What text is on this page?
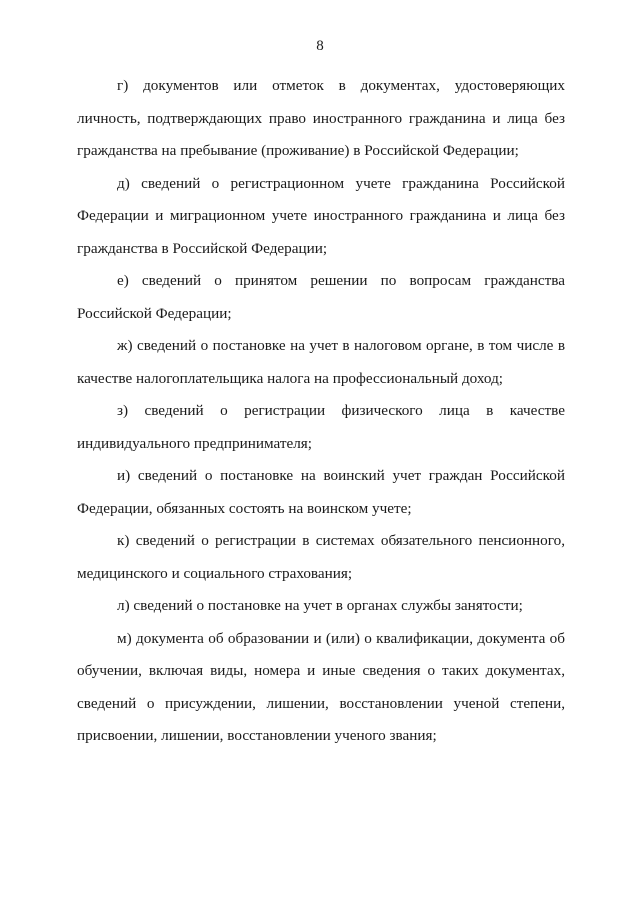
8

г) документов или отметок в документах, удостоверяющих личность, подтверждающих право иностранного гражданина и лица без гражданства на пребывание (проживание) в Российской Федерации;

д) сведений о регистрационном учете гражданина Российской Федерации и миграционном учете иностранного гражданина и лица без гражданства в Российской Федерации;

е) сведений о принятом решении по вопросам гражданства Российской Федерации;

ж) сведений о постановке на учет в налоговом органе, в том числе в качестве налогоплательщика налога на профессиональный доход;

з) сведений о регистрации физического лица в качестве индивидуального предпринимателя;

и) сведений о постановке на воинский учет граждан Российской Федерации, обязанных состоять на воинском учете;

к) сведений о регистрации в системах обязательного пенсионного, медицинского и социального страхования;

л) сведений о постановке на учет в органах службы занятости;

м) документа об образовании и (или) о квалификации, документа об обучении, включая виды, номера и иные сведения о таких документах, сведений о присуждении, лишении, восстановлении ученой степени, присвоении, лишении, восстановлении ученого звания;
